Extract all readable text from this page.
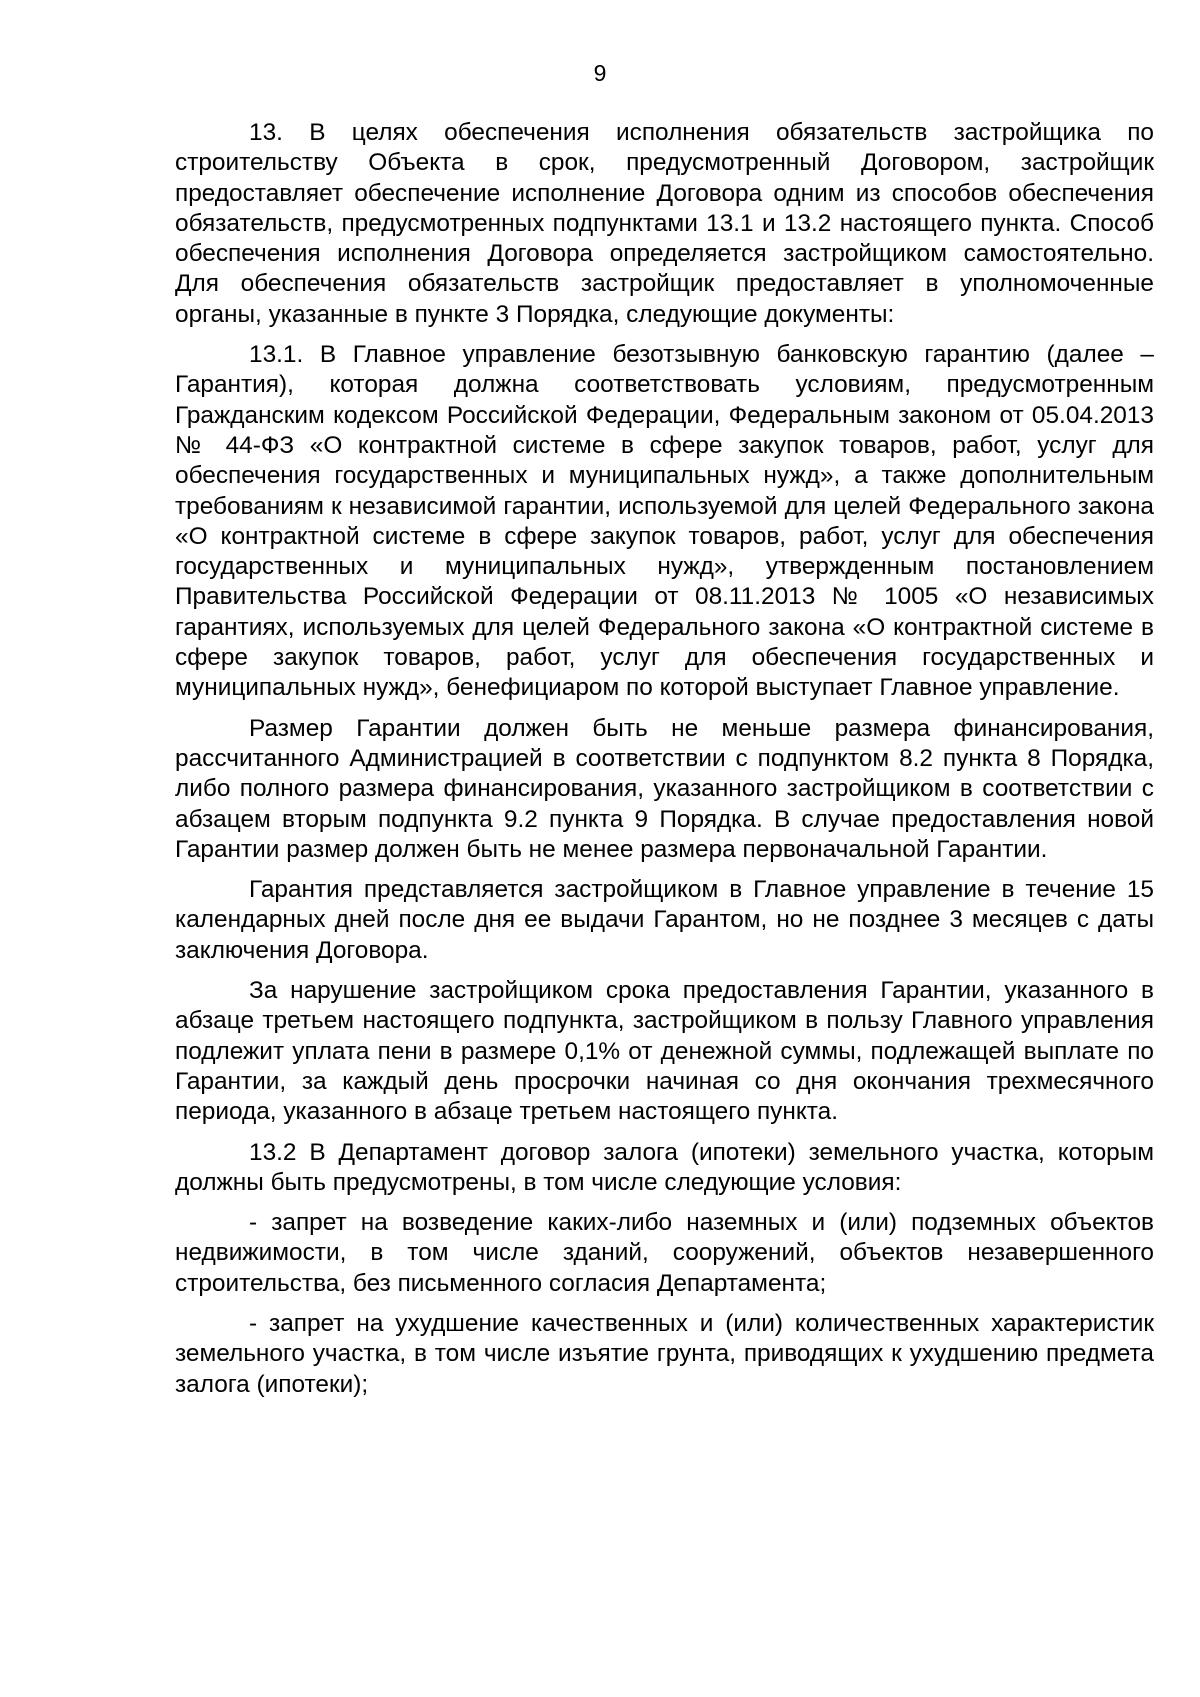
9

13. В целях обеспечения исполнения обязательств застройщика по строительству Объекта в срок, предусмотренный Договором, застройщик предоставляет обеспечение исполнение Договора одним из способов обеспечения обязательств, предусмотренных подпунктами 13.1 и 13.2 настоящего пункта. Способ обеспечения исполнения Договора определяется застройщиком самостоятельно. Для обеспечения обязательств застройщик предоставляет в уполномоченные органы, указанные в пункте 3 Порядка, следующие документы:

13.1. В Главное управление безотзывную банковскую гарантию (далее – Гарантия), которая должна соответствовать условиям, предусмотренным Гражданским кодексом Российской Федерации, Федеральным законом от 05.04.2013 № 44-ФЗ «О контрактной системе в сфере закупок товаров, работ, услуг для обеспечения государственных и муниципальных нужд», а также дополнительным требованиям к независимой гарантии, используемой для целей Федерального закона «О контрактной системе в сфере закупок товаров, работ, услуг для обеспечения государственных и муниципальных нужд», утвержденным постановлением Правительства Российской Федерации от 08.11.2013 № 1005 «О независимых гарантиях, используемых для целей Федерального закона «О контрактной системе в сфере закупок товаров, работ, услуг для обеспечения государственных и муниципальных нужд», бенефициаром по которой выступает Главное управление.

Размер Гарантии должен быть не меньше размера финансирования, рассчитанного Администрацией в соответствии с подпунктом 8.2 пункта 8 Порядка, либо полного размера финансирования, указанного застройщиком в соответствии с абзацем вторым подпункта 9.2 пункта 9 Порядка. В случае предоставления новой Гарантии размер должен быть не менее размера первоначальной Гарантии.

Гарантия представляется застройщиком в Главное управление в течение 15 календарных дней после дня ее выдачи Гарантом, но не позднее 3 месяцев с даты заключения Договора.

За нарушение застройщиком срока предоставления Гарантии, указанного в абзаце третьем настоящего подпункта, застройщиком в пользу Главного управления подлежит уплата пени в размере 0,1% от денежной суммы, подлежащей выплате по Гарантии, за каждый день просрочки начиная со дня окончания трехмесячного периода, указанного в абзаце третьем настоящего пункта.

13.2 В Департамент договор залога (ипотеки) земельного участка, которым должны быть предусмотрены, в том числе следующие условия:

- запрет на возведение каких-либо наземных и (или) подземных объектов недвижимости, в том числе зданий, сооружений, объектов незавершенного строительства, без письменного согласия Департамента;

- запрет на ухудшение качественных и (или) количественных характеристик земельного участка, в том числе изъятие грунта, приводящих к ухудшению предмета залога (ипотеки);
